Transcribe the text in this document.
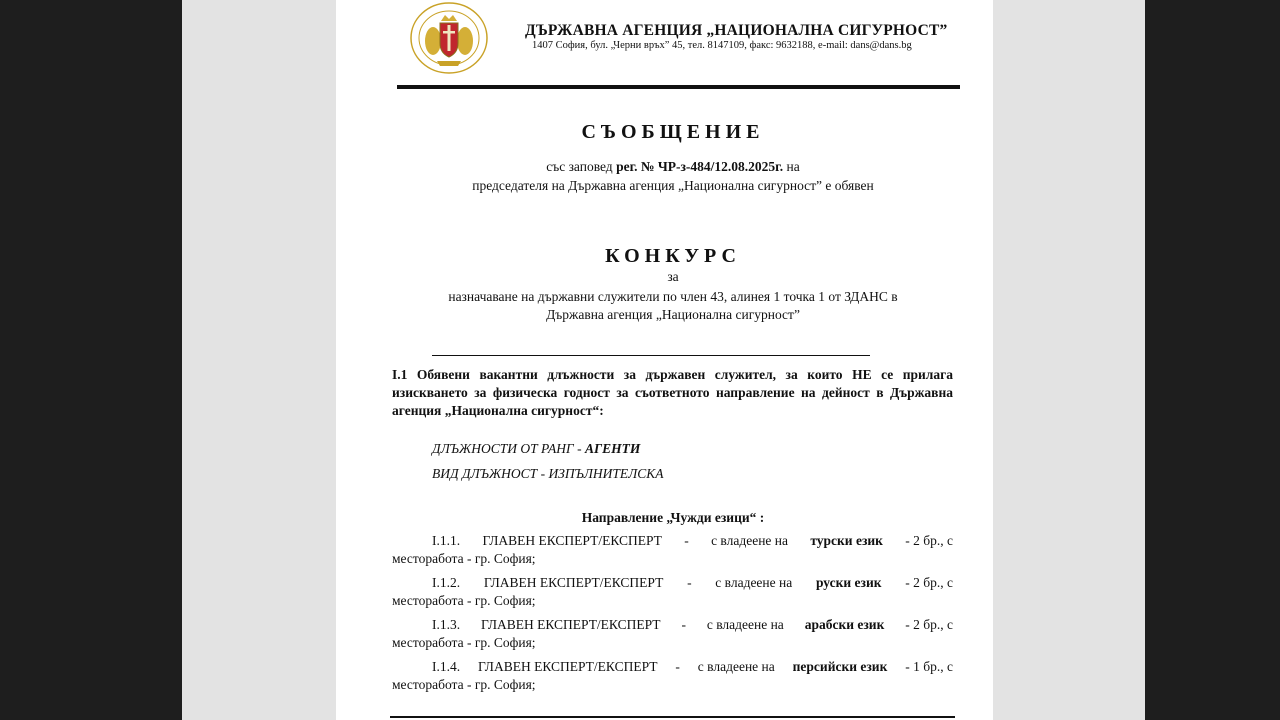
ДЪРЖАВНА АГЕНЦИЯ „НАЦИОНАЛНА СИГУРНОСТ”
1407 София, бул. „Черни връх” 45, тел. 8147109, факс: 9632188, e-mail: dans@dans.bg
СЪОБЩЕНИЕ
със заповед рег. № ЧР-з-484/12.08.2025г. на
председателя на Държавна агенция „Национална сигурност” е обявен
КОНКУРС
за
назначаване на държавни служители по член 43, алинея 1 точка 1 от ЗДАНС в
Държавна агенция „Национална сигурност”
I.1 Обявени вакантни длъжности за държавен служител, за които НЕ се прилага изискването за физическа годност за съответното направление на дейност в Държавна агенция „Национална сигурност“:
ДЛЪЖНОСТИ ОТ РАНГ - АГЕНТИ
ВИД ДЛЪЖНОСТ - ИЗПЪЛНИТЕЛСКА
Направление „Чужди езици“ :
I.1.1. ГЛАВЕН ЕКСПЕРТ/ЕКСПЕРТ - с владеене на турски език - 2 бр., с
месторабота - гр. София;
I.1.2. ГЛАВЕН ЕКСПЕРТ/ЕКСПЕРТ - с владеене на руски език - 2 бр., с
месторабота - гр. София;
I.1.3. ГЛАВЕН ЕКСПЕРТ/ЕКСПЕРТ - с владеене на арабски език - 2 бр., с
месторабота - гр. София;
I.1.4. ГЛАВЕН ЕКСПЕРТ/ЕКСПЕРТ - с владеене на персийски език - 1 бр., с
месторабота - гр. София;
